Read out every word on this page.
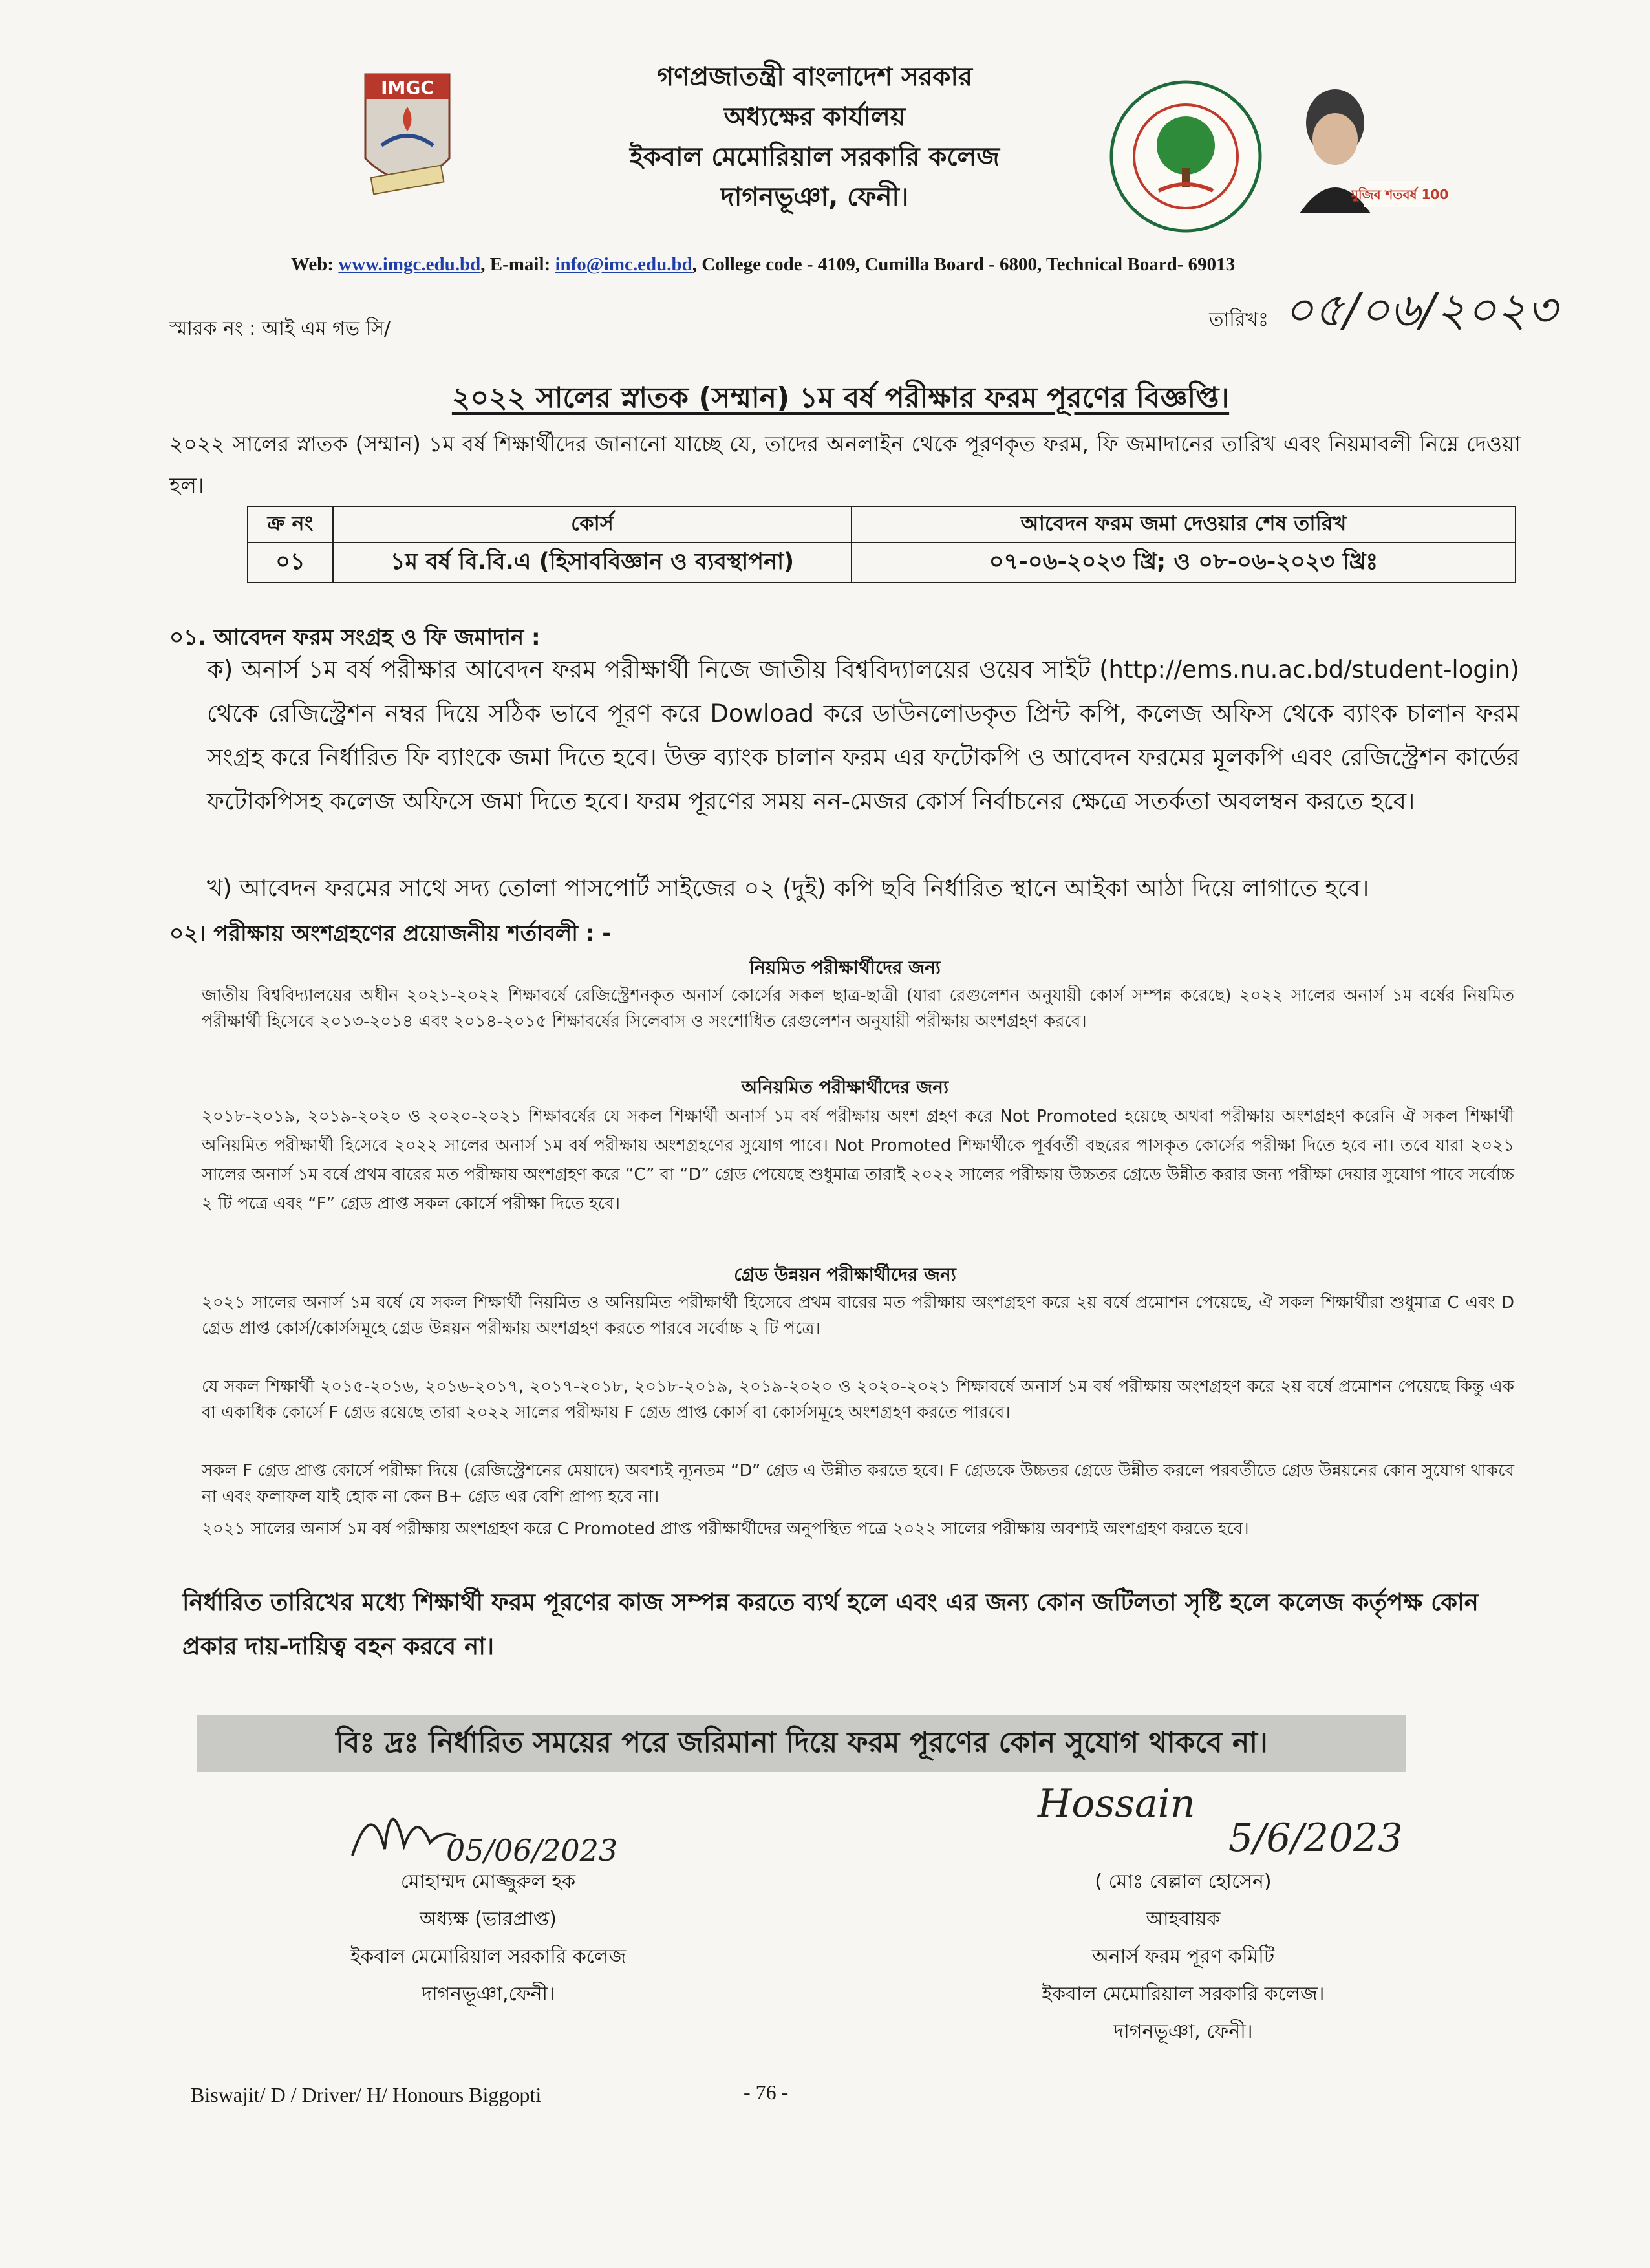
IMGC	গণপ্রজাতন্ত্রী বাংলাদেশ সরকার
অধ্যক্ষের কার্যালয়
ইকবাল মেমোরিয়াল সরকারি কলেজ
দাগনভূঞা, ফেনী।	মুজিব শতবর্ষ 100
Web: www.imgc.edu.bd, E-mail: info@imc.edu.bd, College code - 4109, Cumilla Board - 6800, Technical Board- 69013
স্মারক নং : আই এম গভ সি/	তারিখঃ ০৫/০৬/২০২৩
২০২২ সালের স্নাতক (সম্মান) ১ম বর্ষ পরীক্ষার ফরম পূরণের বিজ্ঞপ্তি।
২০২২ সালের স্নাতক (সম্মান) ১ম বর্ষ শিক্ষার্থীদের জানানো যাচ্ছে যে, তাদের অনলাইন থেকে পূরণকৃত ফরম, ফি জমাদানের তারিখ এবং নিয়মাবলী নিম্নে দেওয়া হল।
ক্র নং	কোর্স	আবেদন ফরম জমা দেওয়ার শেষ তারিখ
০১	১ম বর্ষ বি.বি.এ (হিসাববিজ্ঞান ও ব্যবস্থাপনা)	০৭-০৬-২০২৩ খ্রি; ও ০৮-০৬-২০২৩ খ্রিঃ
০১. আবেদন ফরম সংগ্রহ ও ফি জমাদান :
ক) অনার্স ১ম বর্ষ পরীক্ষার আবেদন ফরম পরীক্ষার্থী নিজে জাতীয় বিশ্ববিদ্যালয়ের ওয়েব সাইট (http://ems.nu.ac.bd/student-login) থেকে রেজিস্ট্রেশন নম্বর দিয়ে সঠিক ভাবে পূরণ করে Dowload করে ডাউনলোডকৃত প্রিন্ট কপি, কলেজ অফিস থেকে ব্যাংক চালান ফরম সংগ্রহ করে নির্ধারিত ফি ব্যাংকে জমা দিতে হবে। উক্ত ব্যাংক চালান ফরম এর ফটোকপি ও আবেদন ফরমের মূলকপি এবং রেজিস্ট্রেশন কার্ডের ফটোকপিসহ কলেজ অফিসে জমা দিতে হবে। ফরম পূরণের সময় নন-মেজর কোর্স নির্বাচনের ক্ষেত্রে সতর্কতা অবলম্বন করতে হবে।
খ) আবেদন ফরমের সাথে সদ্য তোলা পাসপোর্ট সাইজের ০২ (দুই) কপি ছবি নির্ধারিত স্থানে আইকা আঠা দিয়ে লাগাতে হবে।
০২। পরীক্ষায় অংশগ্রহণের প্রয়োজনীয় শর্তাবলী : -
নিয়মিত পরীক্ষার্থীদের জন্য
জাতীয় বিশ্ববিদ্যালয়ের অধীন ২০২১-২০২২ শিক্ষাবর্ষে রেজিস্ট্রেশনকৃত অনার্স কোর্সের সকল ছাত্র-ছাত্রী (যারা রেগুলেশন অনুযায়ী কোর্স সম্পন্ন করেছে) ২০২২ সালের অনার্স ১ম বর্ষের নিয়মিত পরীক্ষার্থী হিসেবে ২০১৩-২০১৪ এবং ২০১৪-২০১৫ শিক্ষাবর্ষের সিলেবাস ও সংশোধিত রেগুলেশন অনুযায়ী পরীক্ষায় অংশগ্রহণ করবে।
অনিয়মিত পরীক্ষার্থীদের জন্য
২০১৮-২০১৯, ২০১৯-২০২০ ও ২০২০-২০২১ শিক্ষাবর্ষের যে সকল শিক্ষার্থী অনার্স ১ম বর্ষ পরীক্ষায় অংশ গ্রহণ করে Not Promoted হয়েছে অথবা পরীক্ষায় অংশগ্রহণ করেনি ঐ সকল শিক্ষার্থী অনিয়মিত পরীক্ষার্থী হিসেবে ২০২২ সালের অনার্স ১ম বর্ষ পরীক্ষায় অংশগ্রহণের সুযোগ পাবে। Not Promoted শিক্ষার্থীকে পূর্ববর্তী বছরের পাসকৃত কোর্সের পরীক্ষা দিতে হবে না। তবে যারা ২০২১ সালের অনার্স ১ম বর্ষে প্রথম বারের মত পরীক্ষায় অংশগ্রহণ করে “C” বা “D” গ্রেড পেয়েছে শুধুমাত্র তারাই ২০২২ সালের পরীক্ষায় উচ্চতর গ্রেডে উন্নীত করার জন্য পরীক্ষা দেয়ার সুযোগ পাবে সর্বোচ্চ ২ টি পত্রে এবং “F” গ্রেড প্রাপ্ত সকল কোর্সে পরীক্ষা দিতে হবে।
গ্রেড উন্নয়ন পরীক্ষার্থীদের জন্য
২০২১ সালের অনার্স ১ম বর্ষে যে সকল শিক্ষার্থী নিয়মিত ও অনিয়মিত পরীক্ষার্থী হিসেবে প্রথম বারের মত পরীক্ষায় অংশগ্রহণ করে ২য় বর্ষে প্রমোশন পেয়েছে, ঐ সকল শিক্ষার্থীরা শুধুমাত্র C এবং D গ্রেড প্রাপ্ত কোর্স/কোর্সসমূহে গ্রেড উন্নয়ন পরীক্ষায় অংশগ্রহণ করতে পারবে সর্বোচ্চ ২ টি পত্রে।
যে সকল শিক্ষার্থী ২০১৫-২০১৬, ২০১৬-২০১৭, ২০১৭-২০১৮, ২০১৮-২০১৯, ২০১৯-২০২০ ও ২০২০-২০২১ শিক্ষাবর্ষে অনার্স ১ম বর্ষ পরীক্ষায় অংশগ্রহণ করে ২য় বর্ষে প্রমোশন পেয়েছে কিন্তু এক বা একাধিক কোর্সে F গ্রেড রয়েছে তারা ২০২২ সালের পরীক্ষায় F গ্রেড প্রাপ্ত কোর্স বা কোর্সসমূহে অংশগ্রহণ করতে পারবে।
সকল F গ্রেড প্রাপ্ত কোর্সে পরীক্ষা দিয়ে (রেজিস্ট্রেশনের মেয়াদে) অবশ্যই ন্যূনতম “D” গ্রেড এ উন্নীত করতে হবে। F গ্রেডকে উচ্চতর গ্রেডে উন্নীত করলে পরবর্তীতে গ্রেড উন্নয়নের কোন সুযোগ থাকবে না এবং ফলাফল যাই হোক না কেন B+ গ্রেড এর বেশি প্রাপ্য হবে না।
২০২১ সালের অনার্স ১ম বর্ষ পরীক্ষায় অংশগ্রহণ করে C Promoted প্রাপ্ত পরীক্ষার্থীদের অনুপস্থিত পত্রে ২০২২ সালের পরীক্ষায় অবশ্যই অংশগ্রহণ করতে হবে।
নির্ধারিত তারিখের মধ্যে শিক্ষার্থী ফরম পূরণের কাজ সম্পন্ন করতে ব্যর্থ হলে এবং এর জন্য কোন জটিলতা সৃষ্টি হলে কলেজ কর্তৃপক্ষ কোন প্রকার দায়-দায়িত্ব বহন করবে না।
বিঃ দ্রঃ নির্ধারিত সময়ের পরে জরিমানা দিয়ে ফরম পূরণের কোন সুযোগ থাকবে না।
05/06/2023
মোহাম্মদ মোজ্জুরুল হক
অধ্যক্ষ (ভারপ্রাপ্ত)
ইকবাল মেমোরিয়াল সরকারি কলেজ
দাগনভূঞা,ফেনী।
Hossain
5/6/2023
( মোঃ বেল্লাল হোসেন)
আহবায়ক
অনার্স ফরম পূরণ কমিটি
ইকবাল মেমোরিয়াল সরকারি কলেজ।
দাগনভূঞা, ফেনী।
Biswajit/ D / Driver/ H/ Honours Biggopti	- 76 -
